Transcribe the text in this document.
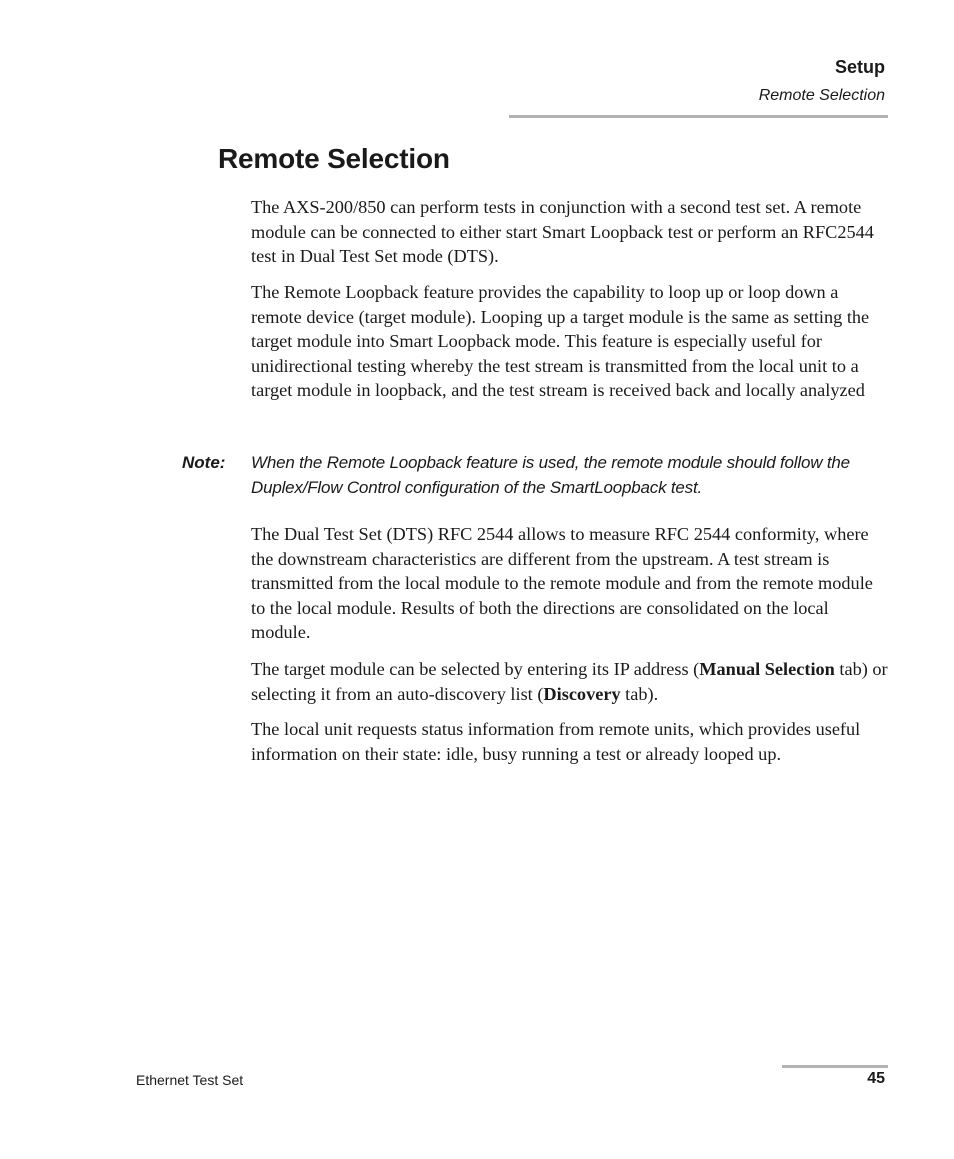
Setup
Remote Selection
Remote Selection

The AXS-200/850 can perform tests in conjunction with a second test set. A remote module can be connected to either start Smart Loopback test or perform an RFC2544 test in Dual Test Set mode (DTS).

The Remote Loopback feature provides the capability to loop up or loop down a remote device (target module). Looping up a target module is the same as setting the target module into Smart Loopback mode. This feature is especially useful for unidirectional testing whereby the test stream is transmitted from the local unit to a target module in loopback, and the test stream is received back and locally analyzed

Note: When the Remote Loopback feature is used, the remote module should follow the Duplex/Flow Control configuration of the SmartLoopback test.

The Dual Test Set (DTS) RFC 2544 allows to measure RFC 2544 conformity, where the downstream characteristics are different from the upstream. A test stream is transmitted from the local module to the remote module and from the remote module to the local module. Results of both the directions are consolidated on the local module.

The target module can be selected by entering its IP address (Manual Selection tab) or selecting it from an auto-discovery list (Discovery tab).

The local unit requests status information from remote units, which provides useful information on their state: idle, busy running a test or already looped up.

Ethernet Test Set	45
